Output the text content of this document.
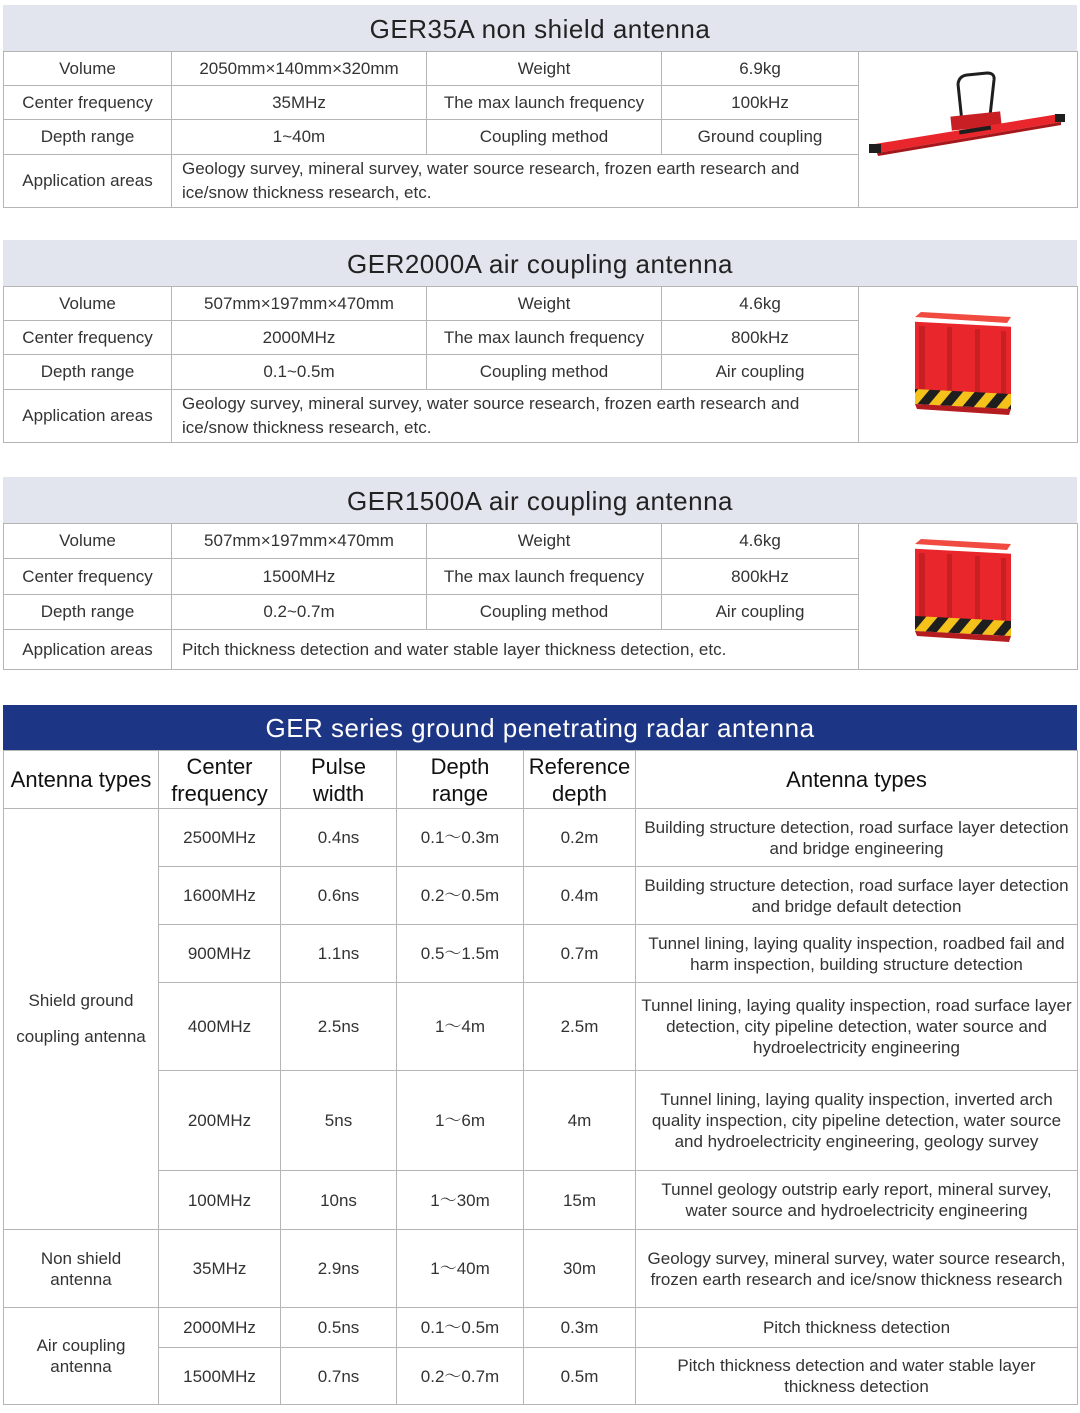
GER35A non shield antenna
Volume	2050mm×140mm×320mm	Weight	6.9kg	
Center frequency	35MHz	The max launch frequency	100kHz	
Depth range	1~40m	Coupling method	Ground coupling	
Application areas	Geology survey, mineral survey, water source research, frozen earth research and ice/snow thickness research, etc.			
GER2000A air coupling antenna
Volume	507mm×197mm×470mm	Weight	4.6kg	
Center frequency	2000MHz	The max launch frequency	800kHz	
Depth range	0.1~0.5m	Coupling method	Air coupling	
Application areas	Geology survey, mineral survey, water source research, frozen earth research and ice/snow thickness research, etc.			
GER1500A air coupling antenna
Volume	507mm×197mm×470mm	Weight	4.6kg	
Center frequency	1500MHz	The max launch frequency	800kHz	
Depth range	0.2~0.7m	Coupling method	Air coupling	
Application areas	Pitch thickness detection and water stable layer thickness detection, etc.			
GER series ground penetrating radar antenna
Antenna types	Center frequency	Pulse width	Depth range	Reference depth	Antenna types
Shield ground coupling antenna	2500MHz	0.4ns	0.1～0.3m	0.2m	Building structure detection, road surface layer detection and bridge engineering
	1600MHz	0.6ns	0.2～0.5m	0.4m	Building structure detection, road surface layer detection and bridge default detection
	900MHz	1.1ns	0.5～1.5m	0.7m	Tunnel lining, laying quality inspection, roadbed fail and harm inspection, building structure detection
	400MHz	2.5ns	1～4m	2.5m	Tunnel lining, laying quality inspection, road surface layer detection, city pipeline detection, water source and hydroelectricity engineering
	200MHz	5ns	1～6m	4m	Tunnel lining, laying quality inspection, inverted arch quality inspection, city pipeline detection, water source and hydroelectricity engineering, geology survey
	100MHz	10ns	1～30m	15m	Tunnel geology outstrip early report, mineral survey, water source and hydroelectricity engineering
Non shield antenna	35MHz	2.9ns	1～40m	30m	Geology survey, mineral survey, water source research, frozen earth research and ice/snow thickness research
Air coupling antenna	2000MHz	0.5ns	0.1～0.5m	0.3m	Pitch thickness detection
	1500MHz	0.7ns	0.2～0.7m	0.5m	Pitch thickness detection and water stable layer thickness detection
